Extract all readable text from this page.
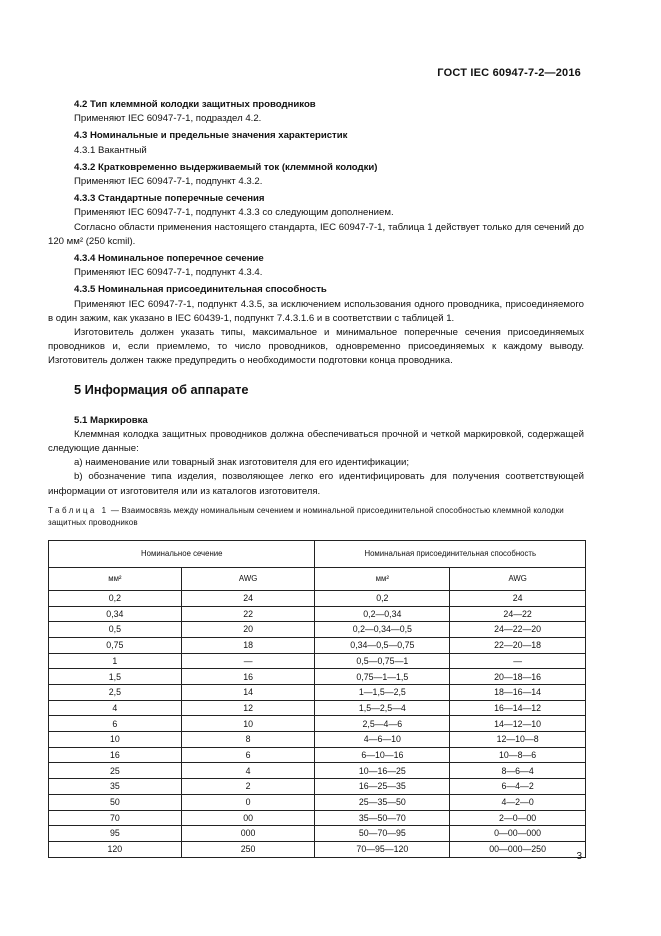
ГОСТ IEC 60947-7-2—2016

4.2 Тип клеммной колодки защитных проводников

Применяют IEC 60947-7-1, подраздел 4.2.

4.3 Номинальные и предельные значения характеристик

4.3.1 Вакантный

4.3.2 Кратковременно выдерживаемый ток (клеммной колодки)

Применяют IEC 60947-7-1, подпункт 4.3.2.

4.3.3 Стандартные поперечные сечения

Применяют IEC 60947-7-1, подпункт 4.3.3 со следующим дополнением.

Согласно области применения настоящего стандарта, IEC 60947-7-1, таблица 1 действует только для сечений до 120 мм² (250 kcmil).

4.3.4 Номинальное поперечное сечение

Применяют IEC 60947-7-1, подпункт 4.3.4.

4.3.5 Номинальная присоединительная способность

Применяют IEC 60947-7-1, подпункт 4.3.5, за исключением использования одного проводника, присоединяемого в один зажим, как указано в IEC 60439-1, подпункт 7.4.3.1.6 и в соответствии с таблицей 1.

Изготовитель должен указать типы, максимальное и минимальное поперечные сечения присоединяемых проводников и, если приемлемо, то число проводников, одновременно присоединяемых к каждому выводу. Изготовитель должен также предупредить о необходимости подготовки конца проводника.

5 Информация об аппарате

5.1 Маркировка

Клеммная колодка защитных проводников должна обеспечиваться прочной и четкой маркировкой, содержащей следующие данные:

a) наименование или товарный знак изготовителя для его идентификации;

b) обозначение типа изделия, позволяющее легко его идентифицировать для получения соответствующей информации от изготовителя или из каталогов изготовителя.

Таблица 1 — Взаимосвязь между номинальным сечением и номинальной присоединительной способностью клеммной колодки защитных проводников

Номинальное сечение		Номинальная присоединительная способность	
мм²	AWG	мм²	AWG
0,2	24	0,2	24
0,34	22	0,2—0,34	24—22
0,5	20	0,2—0,34—0,5	24—22—20
0,75	18	0,34—0,5—0,75	22—20—18
1	—	0,5—0,75—1	—
1,5	16	0,75—1—1,5	20—18—16
2,5	14	1—1,5—2,5	18—16—14
4	12	1,5—2,5—4	16—14—12
6	10	2,5—4—6	14—12—10
10	8	4—6—10	12—10—8
16	6	6—10—16	10—8—6
25	4	10—16—25	8—6—4
35	2	16—25—35	6—4—2
50	0	25—35—50	4—2—0
70	00	35—50—70	2—0—00
95	000	50—70—95	0—00—000
120	250	70—95—120	00—000—250
3
